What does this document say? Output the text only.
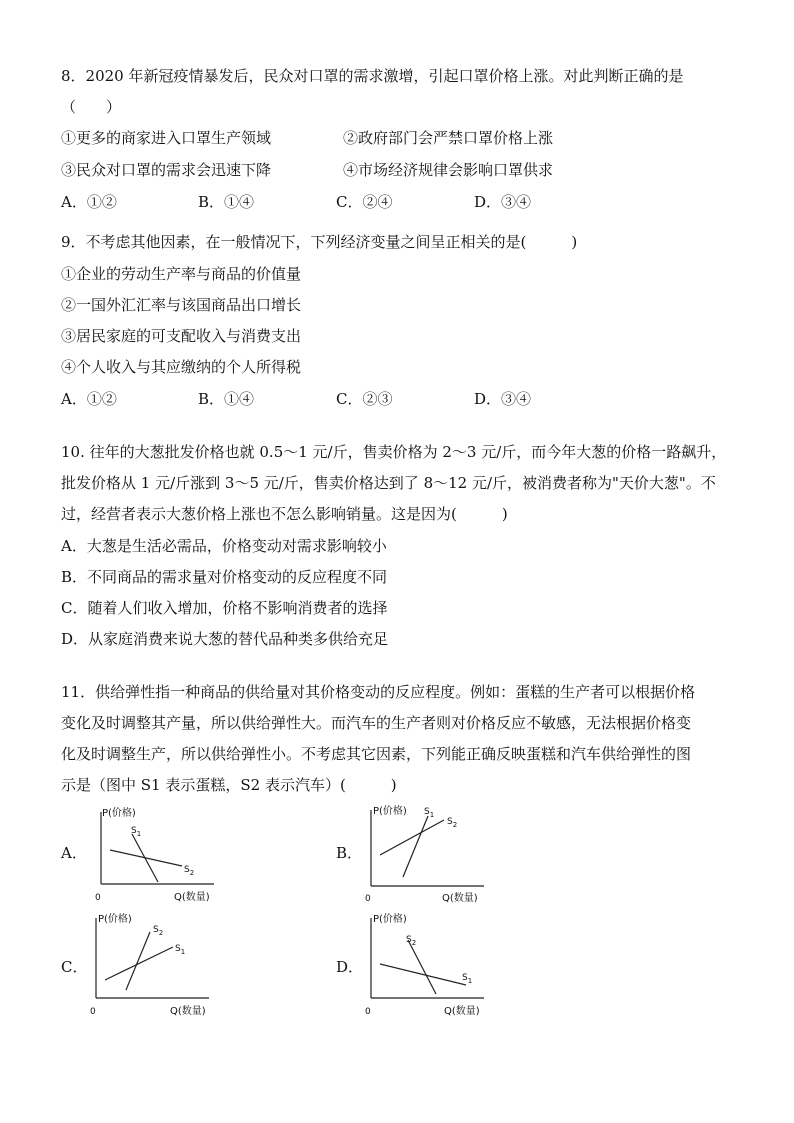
8．2020 年新冠疫情暴发后，民众对口罩的需求激增，引起口罩价格上涨。对此判断正确的是
（　　）
①更多的商家进入口罩生产领域	②政府部门会严禁口罩价格上涨
③民众对口罩的需求会迅速下降	④市场经济规律会影响口罩供求
A．①②	B．①④	C．②④	D．③④
9．不考虑其他因素，在一般情况下，下列经济变量之间呈正相关的是(　　　)
①企业的劳动生产率与商品的价值量
②一国外汇汇率与该国商品出口增长
③居民家庭的可支配收入与消费支出
④个人收入与其应缴纳的个人所得税
A．①②	B．①④	C．②③	D．③④
10. 往年的大葱批发价格也就 0.5～1 元/斤，售卖价格为 2～3 元/斤，而今年大葱的价格一路飙升，
批发价格从 1 元/斤涨到 3～5 元/斤，售卖价格达到了 8～12 元/斤，被消费者称为"天价大葱"。不
过，经营者表示大葱价格上涨也不怎么影响销量。这是因为(　　　)
A．大葱是生活必需品，价格变动对需求影响较小
B．不同商品的需求量对价格变动的反应程度不同
C．随着人们收入增加，价格不影响消费者的选择
D．从家庭消费来说大葱的替代品种类多供给充足
11．供给弹性指一种商品的供给量对其价格变动的反应程度。例如：蛋糕的生产者可以根据价格
变化及时调整其产量，所以供给弹性大。而汽车的生产者则对价格反应不敏感，无法根据价格变
化及时调整生产，所以供给弹性小。不考虑其它因素，下列能正确反映蛋糕和汽车供给弹性的图
示是（图中 S1 表示蛋糕，S2 表示汽车）(　　　)
A．
P(价格)
0	Q(数量)
$S_1$
$S_2$
B．
P(价格)
0	Q(数量)
$S_1$
$S_2$
C．
P(价格)
0	Q(数量)
$S_2$
$S_1$
D．
P(价格)
0	Q(数量)
$S_2$
$S_1$
